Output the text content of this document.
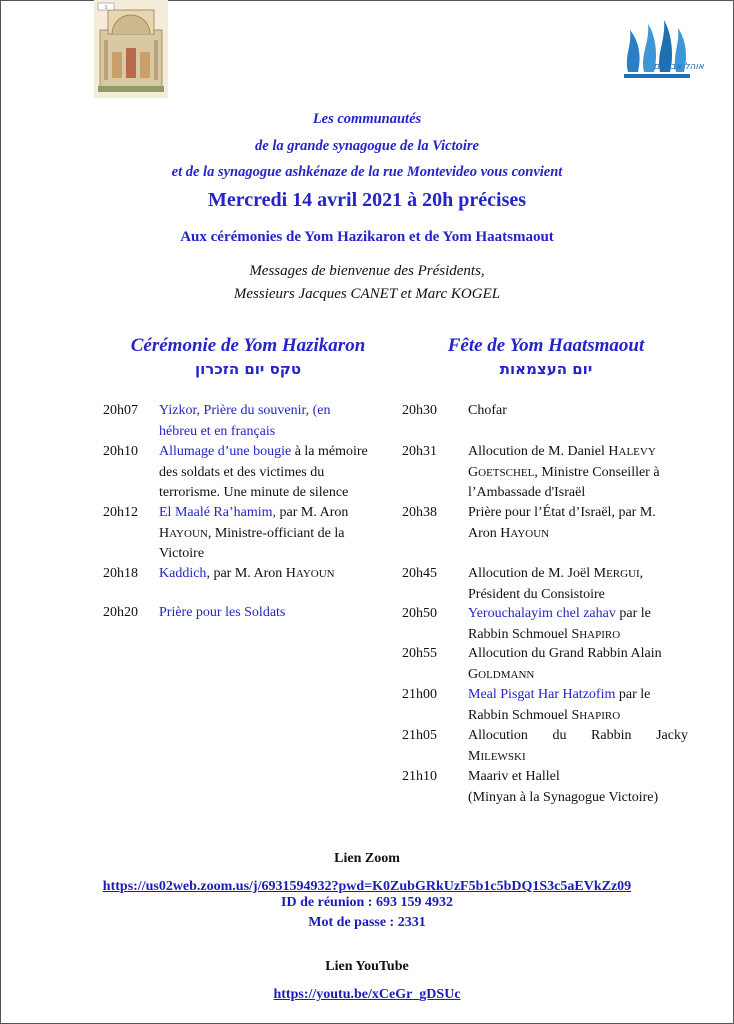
1
אוהל אברהם
Les communautés
de la grande synagogue de la Victoire
et de la synagogue ashkénaze de la rue Montevideo vous convient
Mercredi 14 avril 2021 à 20h précises
Aux cérémonies de Yom Hazikaron et de Yom Haatsmaout
Messages de bienvenue des Présidents,
Messieurs Jacques CANET et Marc KOGEL
Cérémonie de Yom Hazikaron
טקס יום הזכרון
Fête de Yom Haatsmaout
יום העצמאות
20h07	Yizkor, Prière du souvenir, (en
hébreu et en français
20h10	Allumage d’une bougie à la mémoire
des soldats et des victimes du
terrorisme. Une minute de silence
20h12	El Maalé Ra’hamim, par M. Aron
HAYOUN, Ministre-officiant de la
Victoire
20h18	Kaddich, par M. Aron HAYOUN
20h20	Prière pour les Soldats
20h30	Chofar
20h31	Allocution de M. Daniel HALEVY
GOETSCHEL, Ministre Conseiller à
l’Ambassade d'Israël
20h38	Prière pour l’État d’Israël, par M.
Aron HAYOUN
20h45	Allocution de M. Joël MERGUI,
Président du Consistoire
20h50	Yerouchalayim chel zahav par le
Rabbin Schmouel SHAPIRO
20h55	Allocution du Grand Rabbin Alain
GOLDMANN
21h00	Meal Pisgat Har Hatzofim par le
Rabbin Schmouel SHAPIRO
21h05	Allocution du Rabbin Jacky
MILEWSKI
21h10	Maariv et Hallel
(Minyan à la Synagogue Victoire)
Lien Zoom
https://us02web.zoom.us/j/6931594932?pwd=K0ZubGRkUzF5b1c5bDQ1S3c5aEVkZz09
ID de réunion : 693 159 4932
Mot de passe : 2331
Lien YouTube
https://youtu.be/xCeGr_gDSUc
